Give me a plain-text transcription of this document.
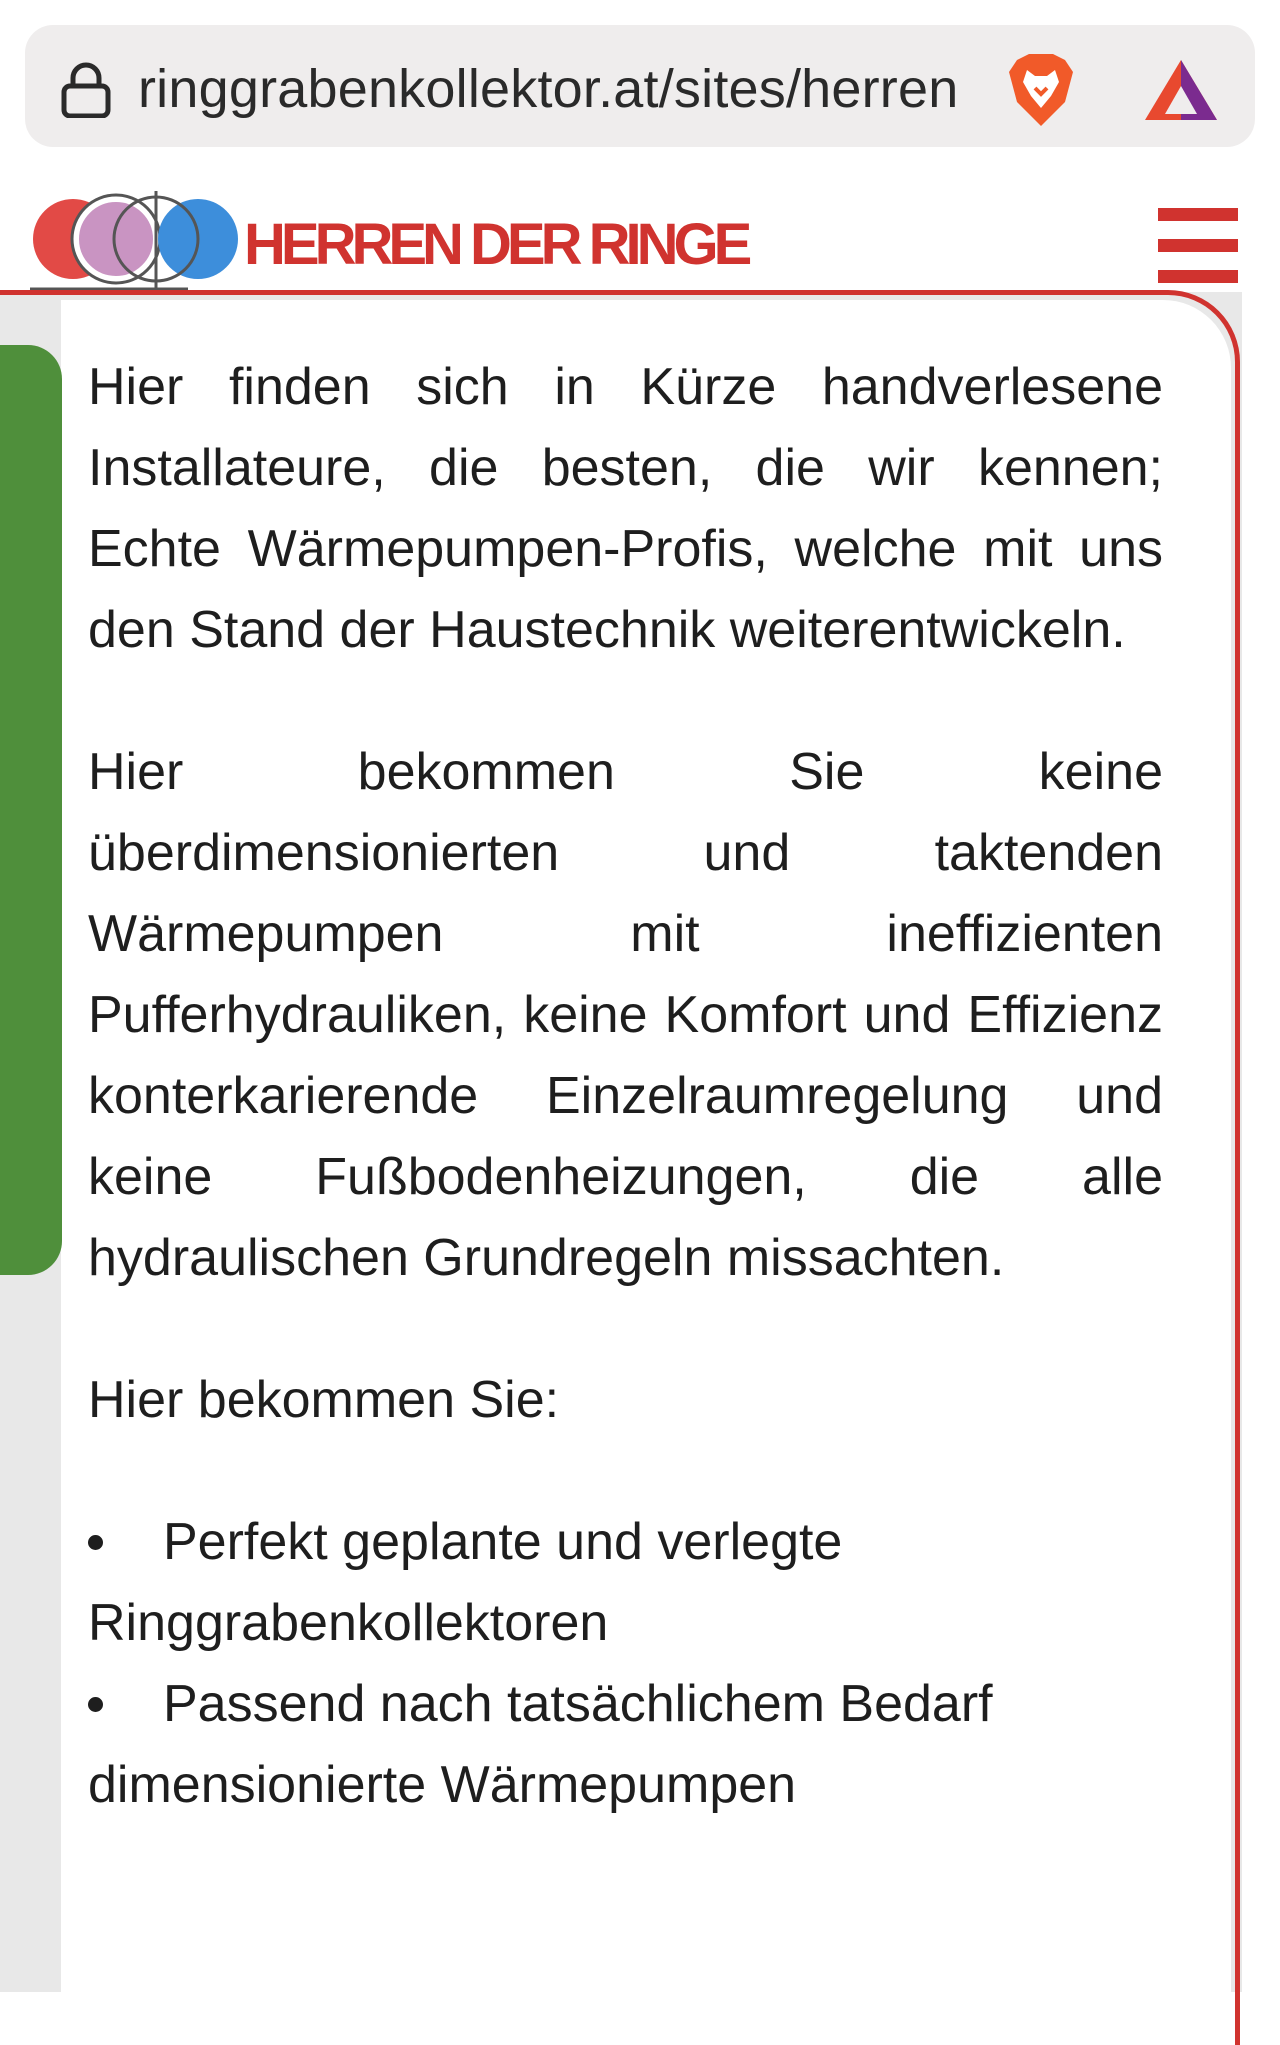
ringgrabenkollektor.at/sites/herren
HERREN DER RINGE

Hier finden sich in Kürze handverlesene Installateure, die besten, die wir kennen; Echte Wärmepumpen-Profis, welche mit uns den Stand der Haustechnik weiterentwickeln.

Hier bekommen Sie keine überdimensionierten und taktenden Wärmepumpen mit ineffizienten Pufferhydrauliken, keine Komfort und Effizienz konterkarierende Einzelraumregelung und keine Fußbodenheizungen, die alle hydraulischen Grundregeln missachten.

Hier bekommen Sie:

Perfekt geplante und verlegte Ringgrabenkollektoren
Passend nach tatsächlichem Bedarf dimensionierte Wärmepumpen
